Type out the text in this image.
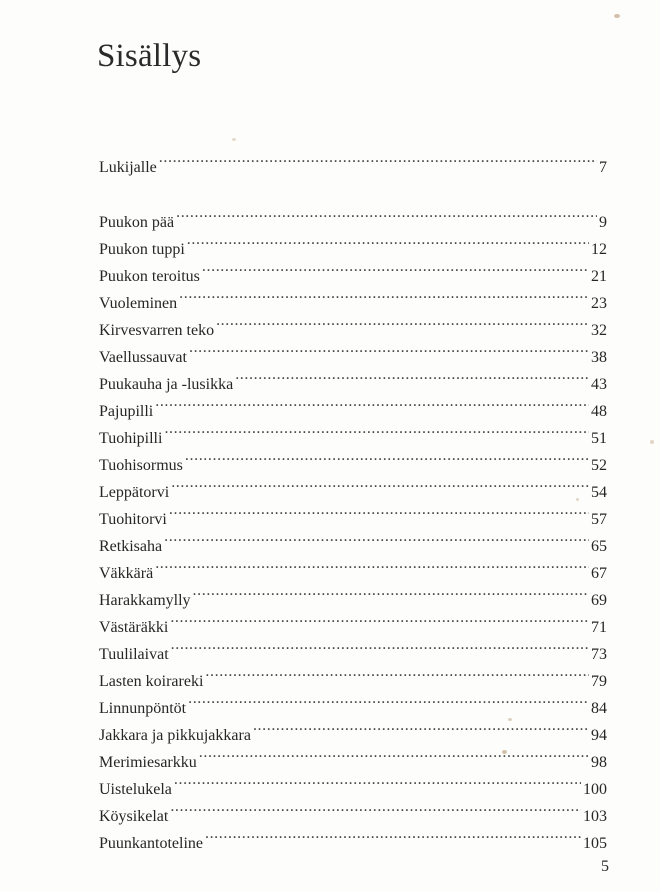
Sisällys
Lukijalle .....	7
Puukon pää .....	9
Puukon tuppi .....	12
Puukon teroitus .....	21
Vuoleminen .....	23
Kirvesvarren teko .....	32
Vaellussauvat .....	38
Puukauha ja -lusikka .....	43
Pajupilli .....	48
Tuohipilli .....	51
Tuohisormus .....	52
Leppätorvi .....	54
Tuohitorvi .....	57
Retkisaha .....	65
Väkkärä .....	67
Harakkamylly .....	69
Västäräkki .....	71
Tuulilaivat .....	73
Lasten koirareki .....	79
Linnunpöntöt .....	84
Jakkara ja pikkujakkara .....	94
Merimiesarkku .....	98
Uistelukela .....	100
Köysikelat .....	103
Puunkantoteline .....	105
5
